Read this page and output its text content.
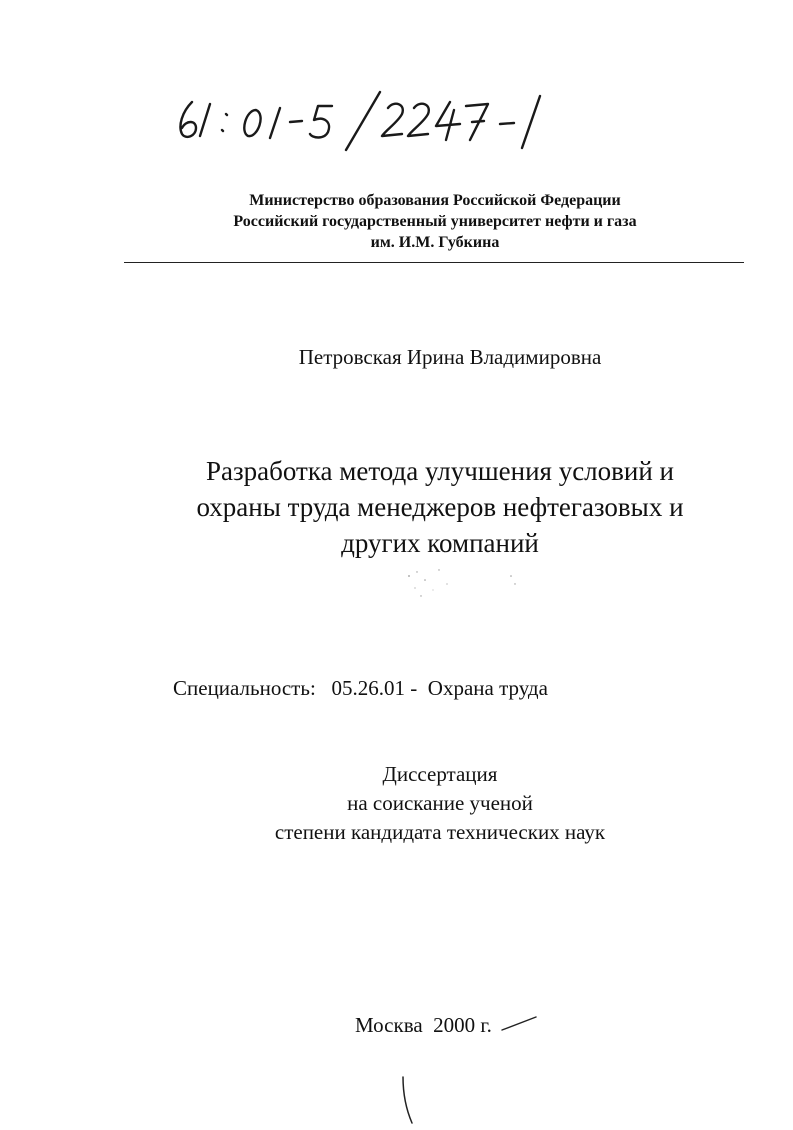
Министерство образования Российской Федерации
Российский государственный университет нефти и газа
им. И.М. Губкина
Петровская Ирина Владимировна
Разработка метода улучшения условий и
охраны труда менеджеров нефтегазовых и
других компаний
Специальность: 05.26.01 - Охрана труда
Диссертация
на соискание ученой
степени кандидата технических наук
Москва 2000 г.
